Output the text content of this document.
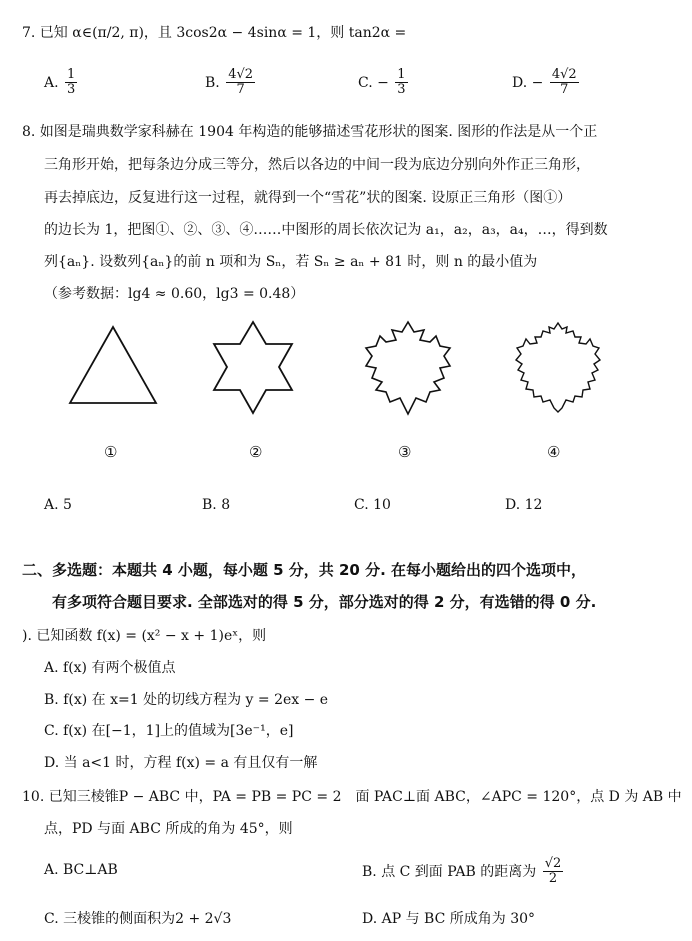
7. 已知 α∈(π/2, π)，且 3cos2α − 4sinα = 1，则 tan2α =
A. $\frac{1}{3}$	B. $\frac{4√2}{7}$	C. − $\frac{1}{3}$	D. − $\frac{4√2}{7}$
8. 如图是瑞典数学家科赫在 1904 年构造的能够描述雪花形状的图案. 图形的作法是从一个正
三角形开始，把每条边分成三等分，然后以各边的中间一段为底边分别向外作正三角形，
再去掉底边，反复进行这一过程，就得到一个“雪花”状的图案. 设原正三角形（图①）
的边长为 1，把图①、②、③、④……中图形的周长依次记为 a₁，a₂，a₃，a₄，…，得到数
列{aₙ}. 设数列{aₙ}的前 n 项和为 Sₙ，若 Sₙ ≥ aₙ + 81 时，则 n 的最小值为
（参考数据：lg4 ≈ 0.60，lg3 = 0.48）
①	②	③	④
A. 5	B. 8	C. 10	D. 12
二、多选题：本题共 4 小题，每小题 5 分，共 20 分. 在每小题给出的四个选项中，
有多项符合题目要求. 全部选对的得 5 分，部分选对的得 2 分，有选错的得 0 分.
). 已知函数 f(x) = (x² − x + 1)eˣ，则
A. f(x) 有两个极值点
B. f(x) 在 x=1 处的切线方程为 y = 2ex − e
C. f(x) 在[−1，1]上的值域为[3e⁻¹，e]
D. 当 a<1 时，方程 f(x) = a 有且仅有一解
10. 已知三棱锥P − ABC 中，PA = PB = PC = 2　面 PAC⊥面 ABC，∠APC = 120°，点 D 为 AB 中
点，PD 与面 ABC 所成的角为 45°，则
A. BC⊥AB	B. 点 C 到面 PAB 的距离为 $\frac{√2}{2}$
C. 三棱锥的侧面积为2 + 2√3	D. AP 与 BC 所成角为 30°
